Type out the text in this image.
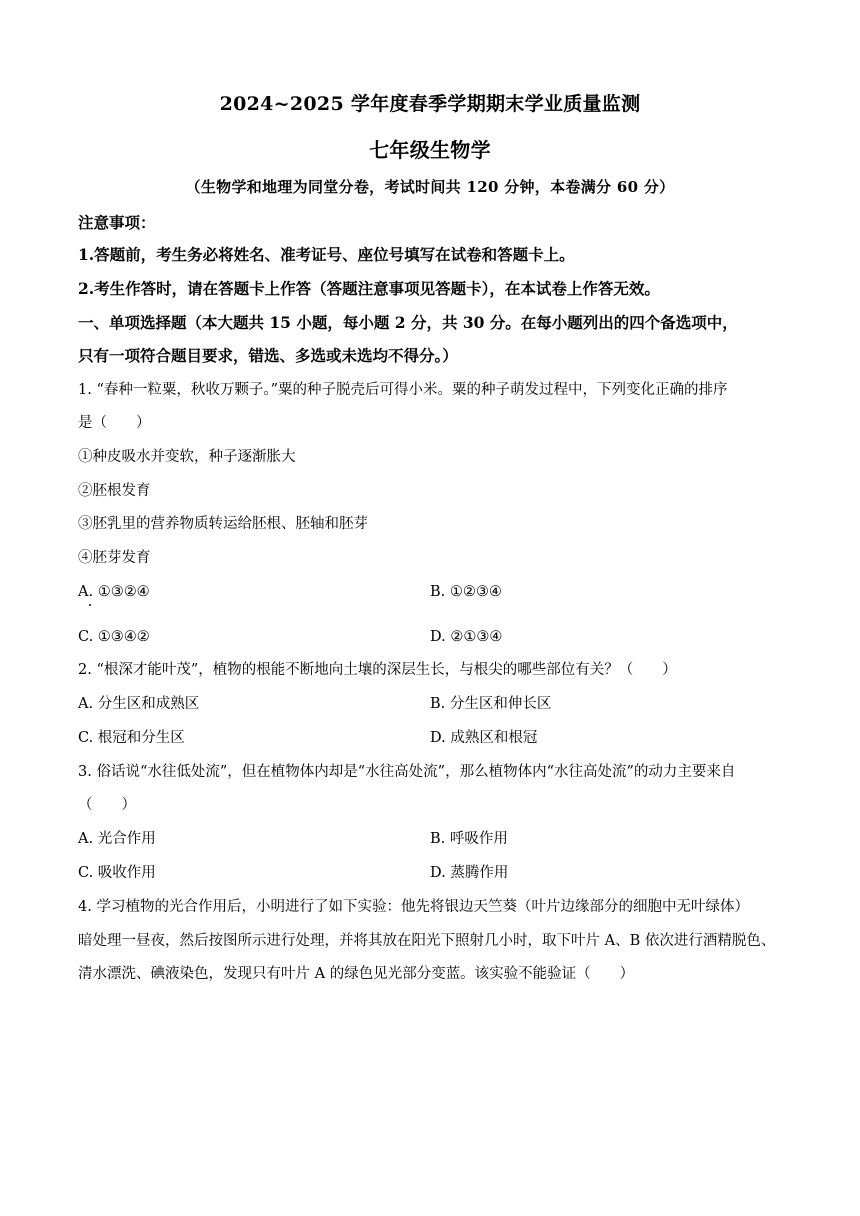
2024~2025 学年度春季学期期末学业质量监测
七年级生物学
（生物学和地理为同堂分卷，考试时间共 120 分钟，本卷满分 60 分）
注意事项：
1.答题前，考生务必将姓名、准考证号、座位号填写在试卷和答题卡上。
2.考生作答时，请在答题卡上作答（答题注意事项见答题卡），在本试卷上作答无效。
一、单项选择题（本大题共 15 小题，每小题 2 分，共 30 分。在每小题列出的四个备选项中，
只有一项符合题目要求，错选、多选或未选均不得分。）
1. “春种一粒粟，秋收万颗子。”粟的种子脱壳后可得小米。粟的种子萌发过程中，下列变化正确的排序
是（　　）
①种皮吸水并变软，种子逐渐胀大
②胚根发育
③胚乳里的营养物质转运给胚根、胚轴和胚芽
④胚芽发育
A. ①③②④	B. ①②③④
C. ①③④②	D. ②①③④
2. “根深才能叶茂”，植物的根能不断地向土壤的深层生长，与根尖的哪些部位有关？（　　）
A. 分生区和成熟区	B. 分生区和伸长区
C. 根冠和分生区	D. 成熟区和根冠
3. 俗话说“水往低处流”，但在植物体内却是“水往高处流”，那么植物体内“水往高处流”的动力主要来自
（　　）
A. 光合作用	B. 呼吸作用
C. 吸收作用	D. 蒸腾作用
4. 学习植物的光合作用后，小明进行了如下实验：他先将银边天竺葵（叶片边缘部分的细胞中无叶绿体）
暗处理一昼夜，然后按图所示进行处理，并将其放在阳光下照射几小时，取下叶片 A、B 依次进行酒精脱色、
清水漂洗、碘液染色，发现只有叶片 A 的绿色见光部分变蓝。该实验不能验证（　　）
